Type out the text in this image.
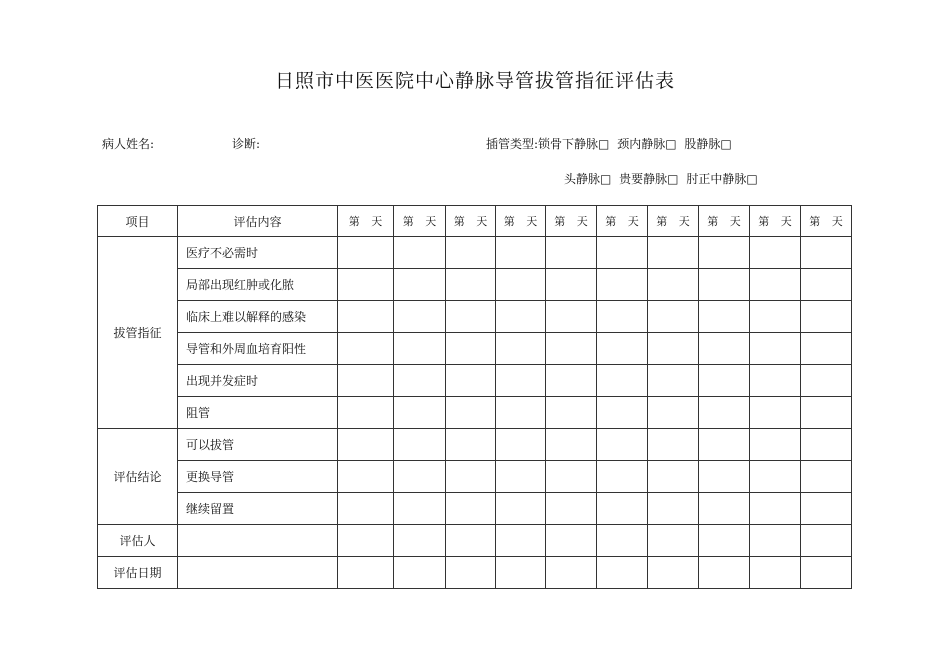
日照市中医医院中心静脉导管拔管指征评估表
病人姓名:	诊断:	插管类型:锁骨下静脉□ 颈内静脉□ 股静脉□
头静脉□ 贵要静脉□ 肘正中静脉□
项目	评估内容	第 天	第 天	第 天	第 天	第 天	第 天	第 天	第 天	第 天	第 天
拔管指征	医疗不必需时										
	局部出现红肿或化脓										
	临床上难以解释的感染										
	导管和外周血培育阳性										
	出现并发症时										
	阻管										
评估结论	可以拔管										
	更换导管										
	继续留置										
评估人											
评估日期											
